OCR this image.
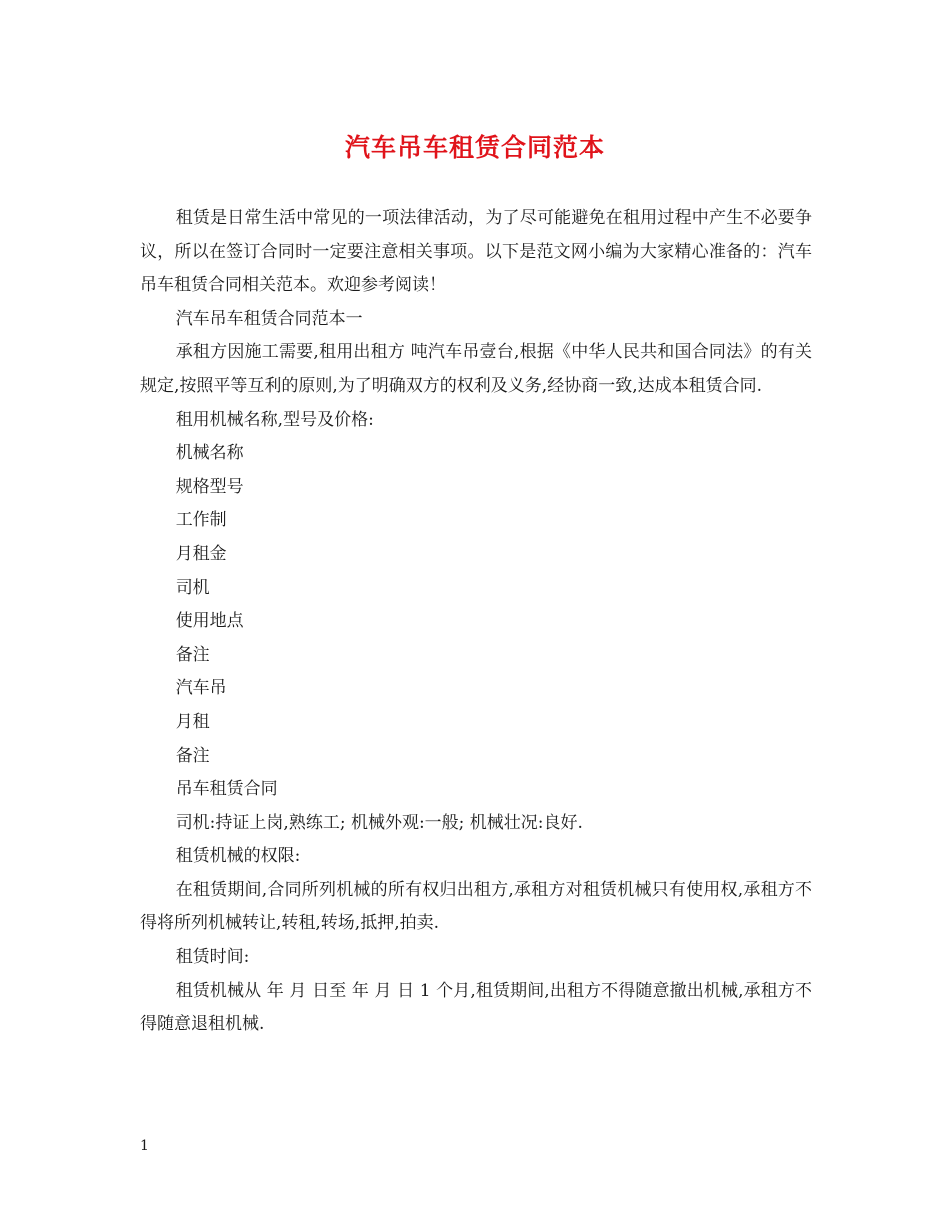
汽车吊车租赁合同范本

租赁是日常生活中常见的一项法律活动，为了尽可能避免在租用过程中产生不必要争议，所以在签订合同时一定要注意相关事项。以下是范文网小编为大家精心准备的：汽车吊车租赁合同相关范本。欢迎参考阅读！

汽车吊车租赁合同范本一

承租方因施工需要,租用出租方 吨汽车吊壹台,根据《中华人民共和国合同法》的有关规定,按照平等互利的原则,为了明确双方的权利及义务,经协商一致,达成本租赁合同.

租用机械名称,型号及价格:

机械名称

规格型号

工作制

月租金

司机

使用地点

备注

汽车吊

月租

备注

吊车租赁合同

司机:持证上岗,熟练工; 机械外观:一般; 机械壮况:良好.

租赁机械的权限:

在租赁期间,合同所列机械的所有权归出租方,承租方对租赁机械只有使用权,承租方不得将所列机械转让,转租,转场,抵押,拍卖.

租赁时间:

租赁机械从 年 月 日至 年 月 日 1 个月,租赁期间,出租方不得随意撤出机械,承租方不得随意退租机械.

1
